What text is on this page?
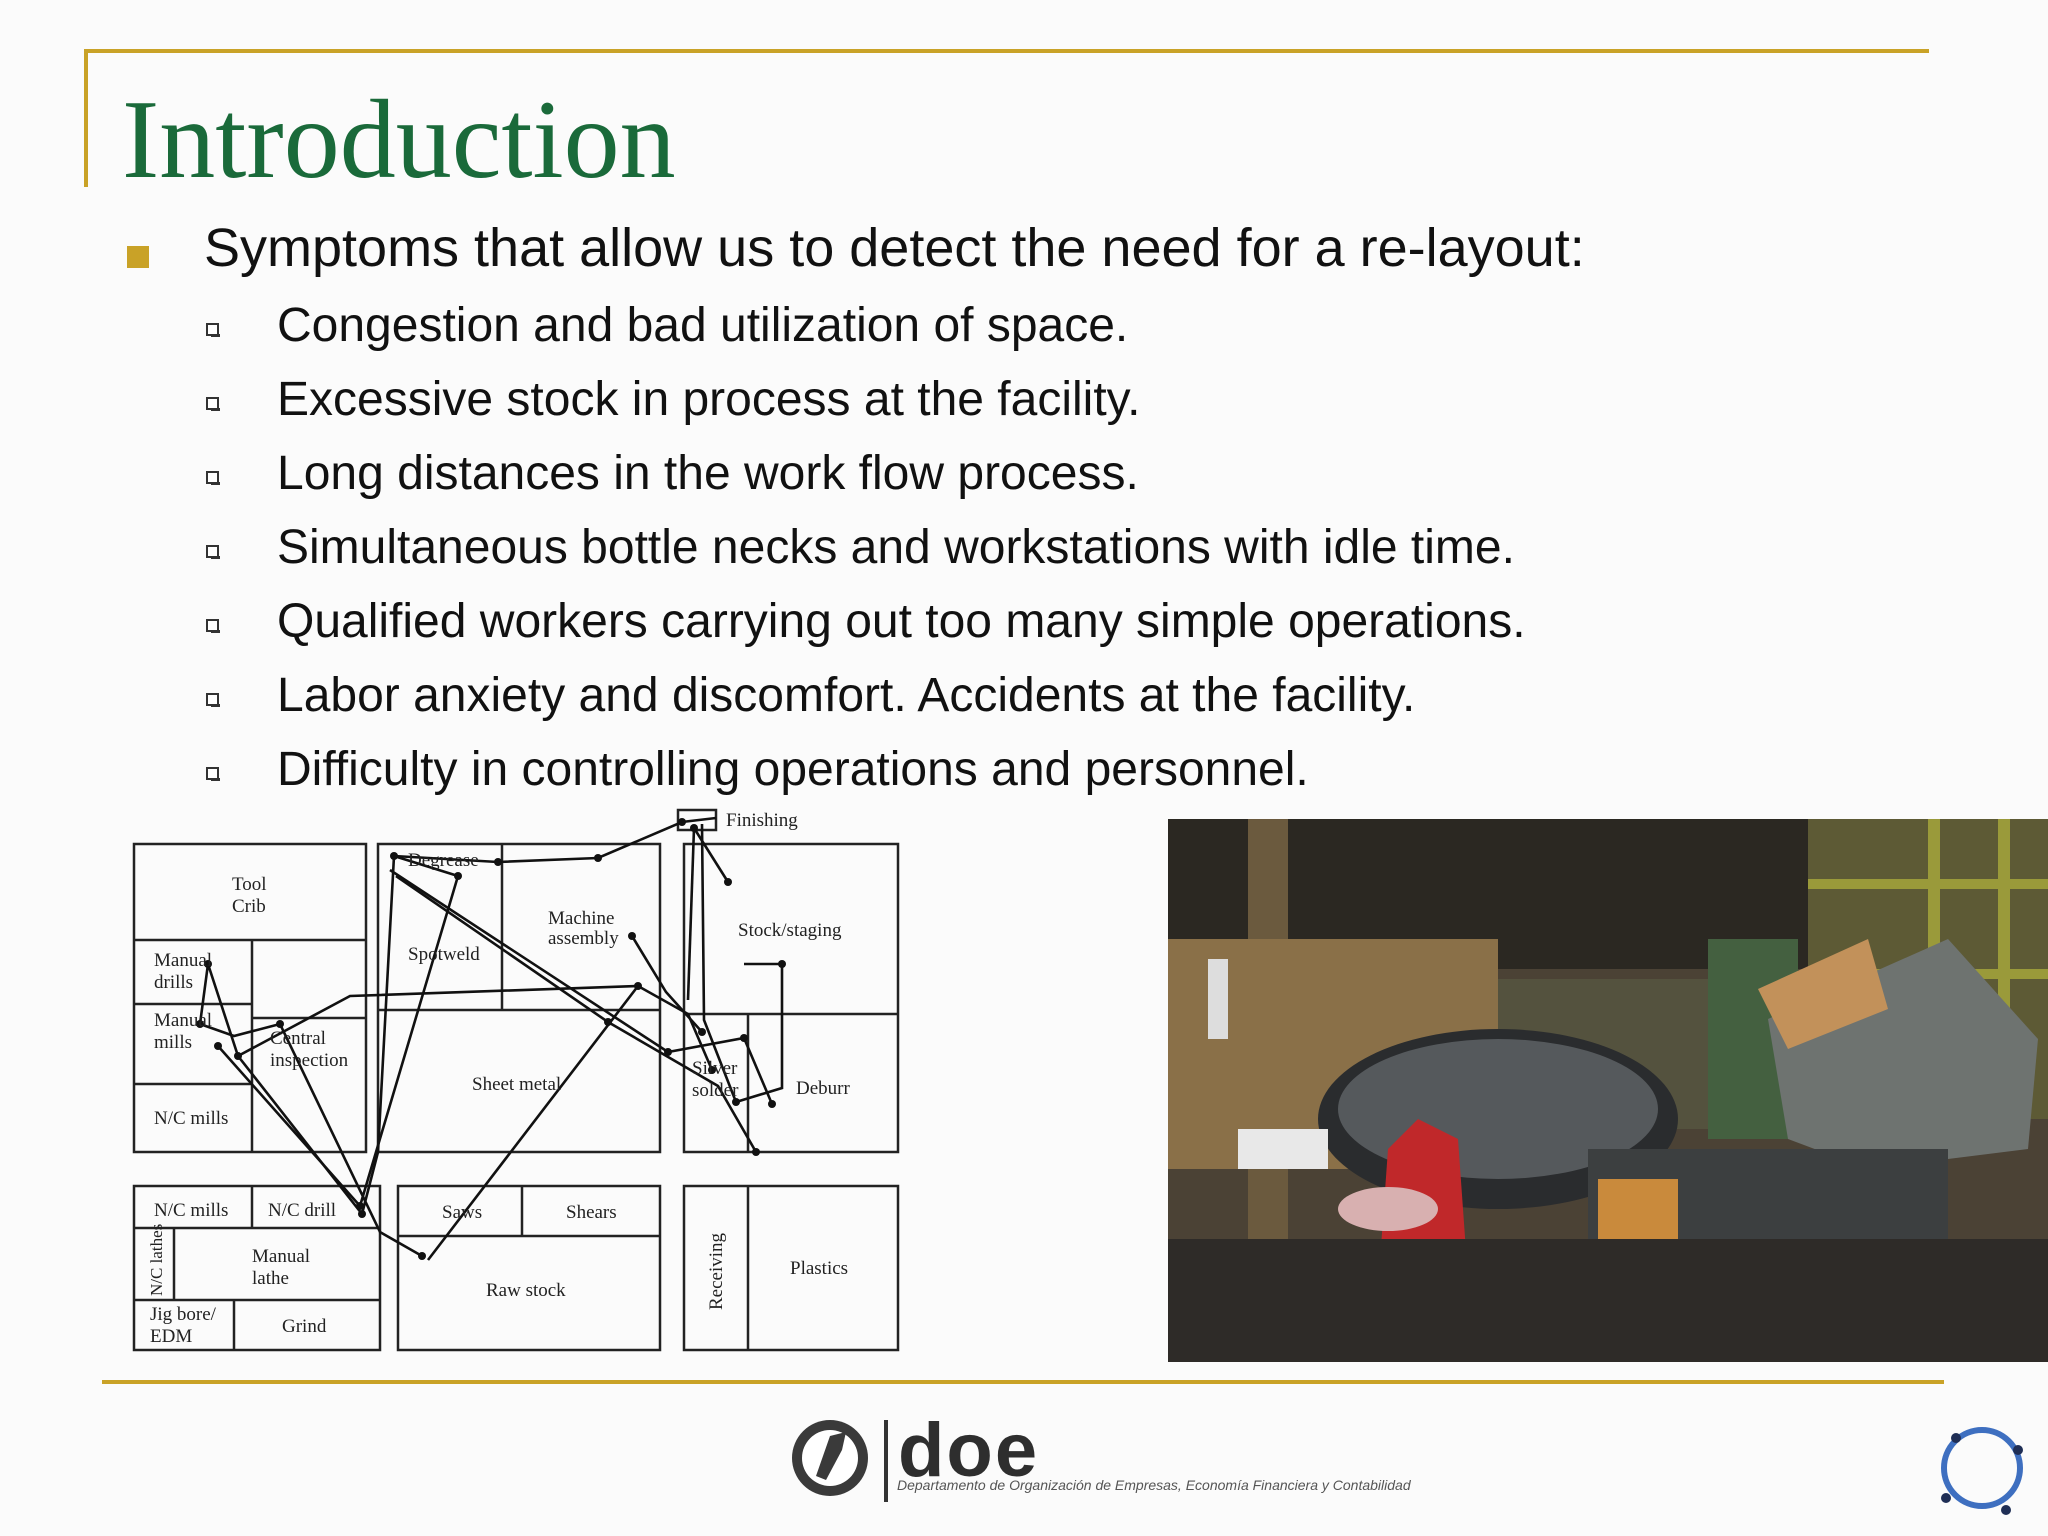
Introduction
Symptoms that allow us to detect the need for a re-layout:
Congestion and bad utilization of space.
Excessive stock in process at the facility.
Long distances in the work flow process.
Simultaneous bottle necks and workstations with idle time.
Qualified workers carrying out too many simple operations.
Labor anxiety and discomfort. Accidents at the facility.
Difficulty in controlling operations and personnel.
Finishing
Degrease
Tool
Crib
Machine
assembly	Stock/staging
Manual
drills
Spotweld
Manual
mills	Central
inspection
Sheet metal
Silver
solder	Deburr
N/C mills
N/C mills N/C drill	Saws	Shears
N/C lathes	Manual
lathe
Raw stock	Receiving	Plastics
Jig bore/
EDM	Grind
doe
Departamento de Organización de Empresas, Economía Financiera y Contabilidad
